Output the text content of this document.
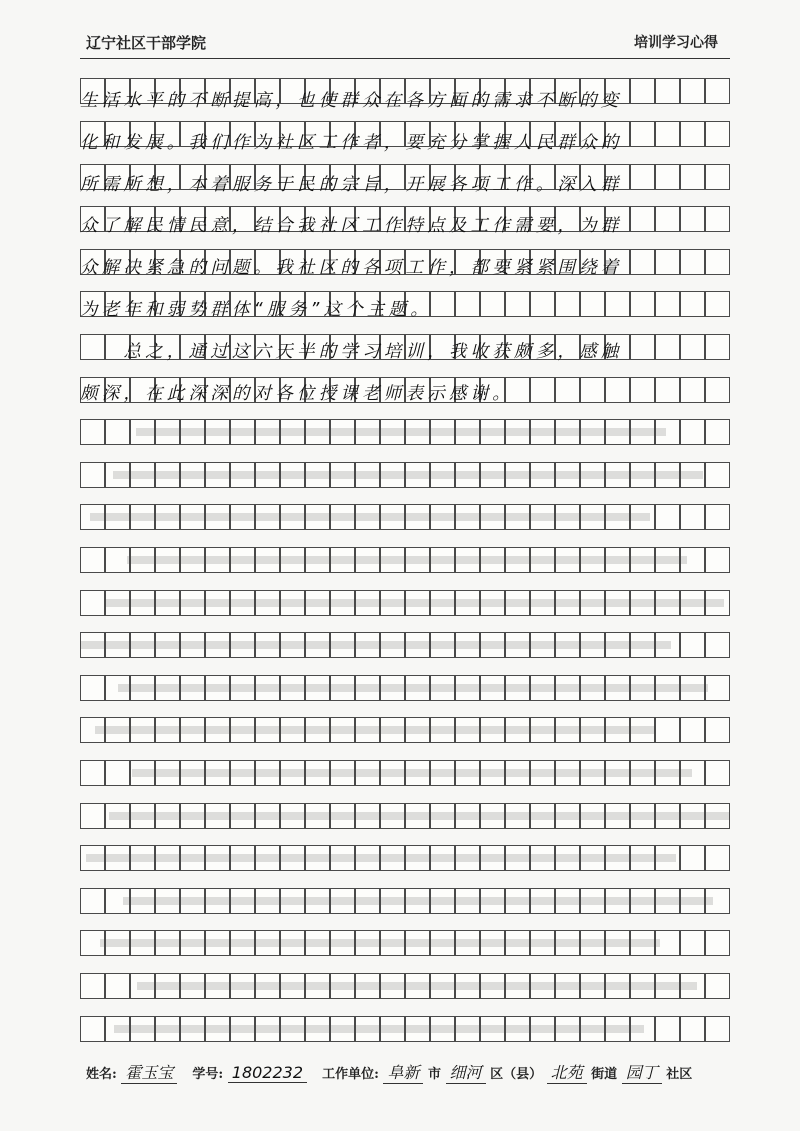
辽宁社区干部学院	培训学习心得
生活水平的不断提高，也使群众在各方面的需求不断的变
化和发展。我们作为社区工作者，要充分掌握人民群众的
所需所想，本着服务于民的宗旨，开展各项工作。深入群
众了解民情民意，结合我社区工作特点及工作需要，为群
众解决紧急的问题。我社区的各项工作，都要紧紧围绕着
为老年和弱势群体“服务”这个主题。
　　总之，通过这六天半的学习培训，我收获颇多，感触
颇深，在此深深的对各位授课老师表示感谢。
姓名: 霍玉宝 学号: 1802232 工作单位: 阜新 市 细河 区（县） 北苑 街道 园丁 社区
